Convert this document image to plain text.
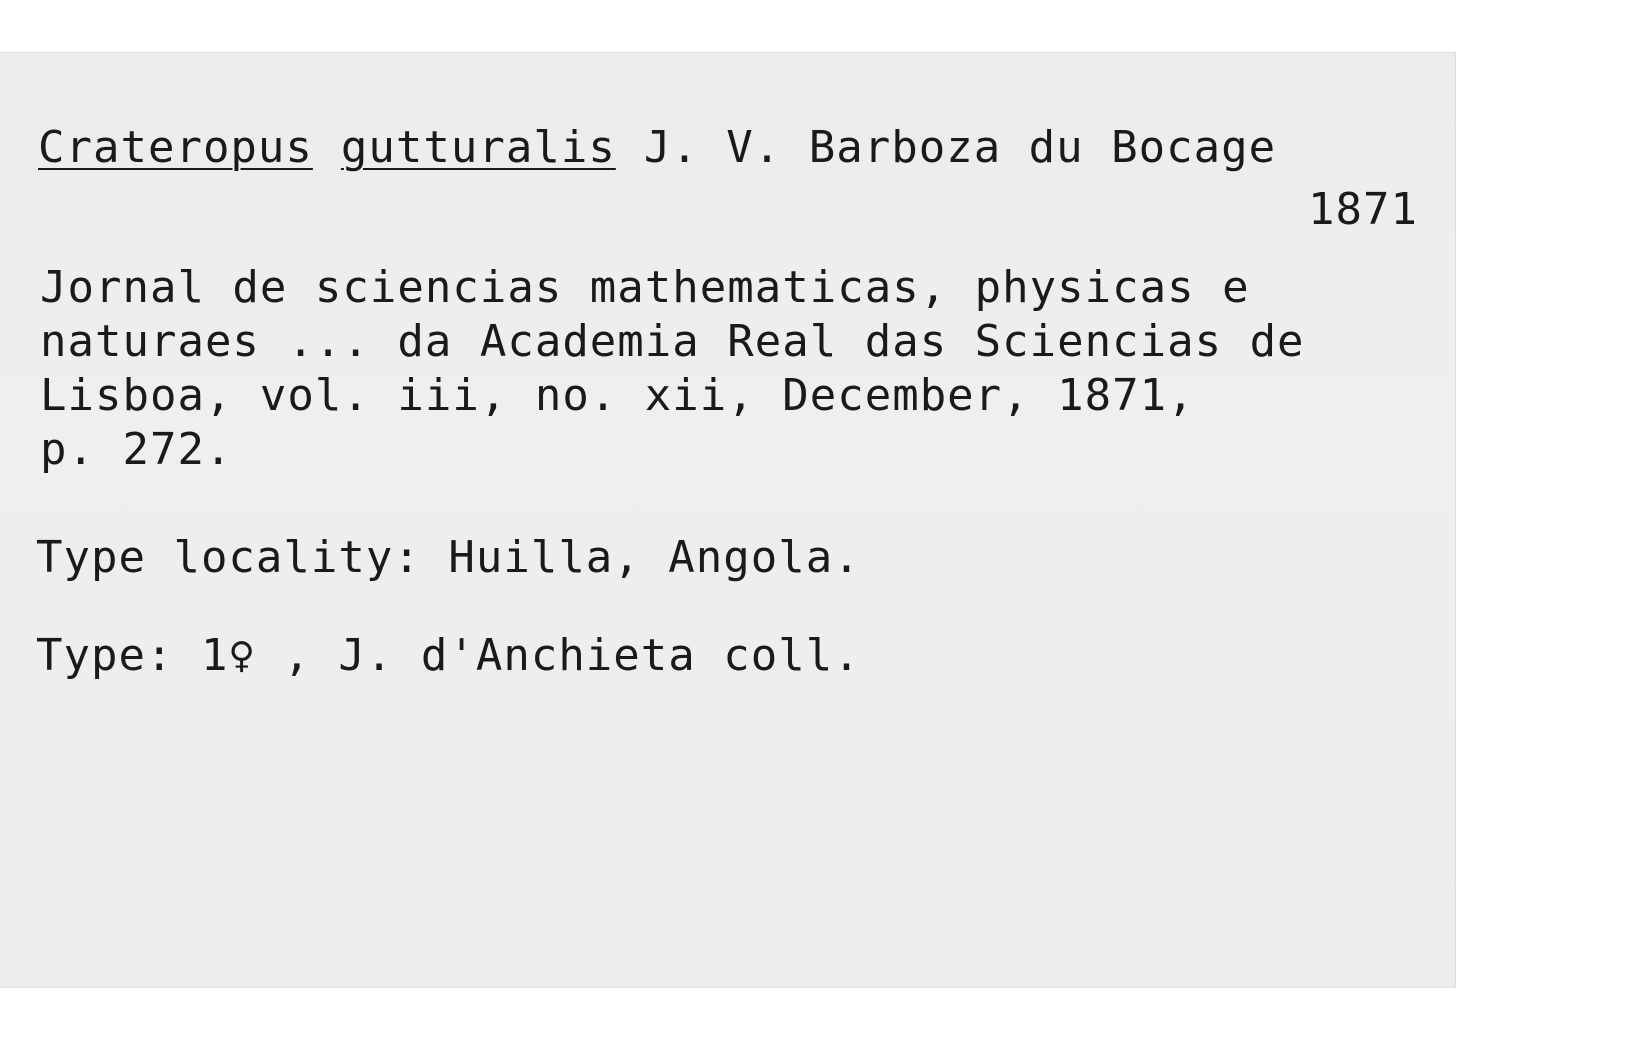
Crateropus gutturalis J. V. Barboza du Bocage
1871
Jornal de sciencias mathematicas, physicas e
naturaes ... da Academia Real das Sciencias de
Lisboa, vol. iii, no. xii, December, 1871,
p. 272.
Type locality: Huilla, Angola.
Type: 1♀ , J. d'Anchieta coll.
